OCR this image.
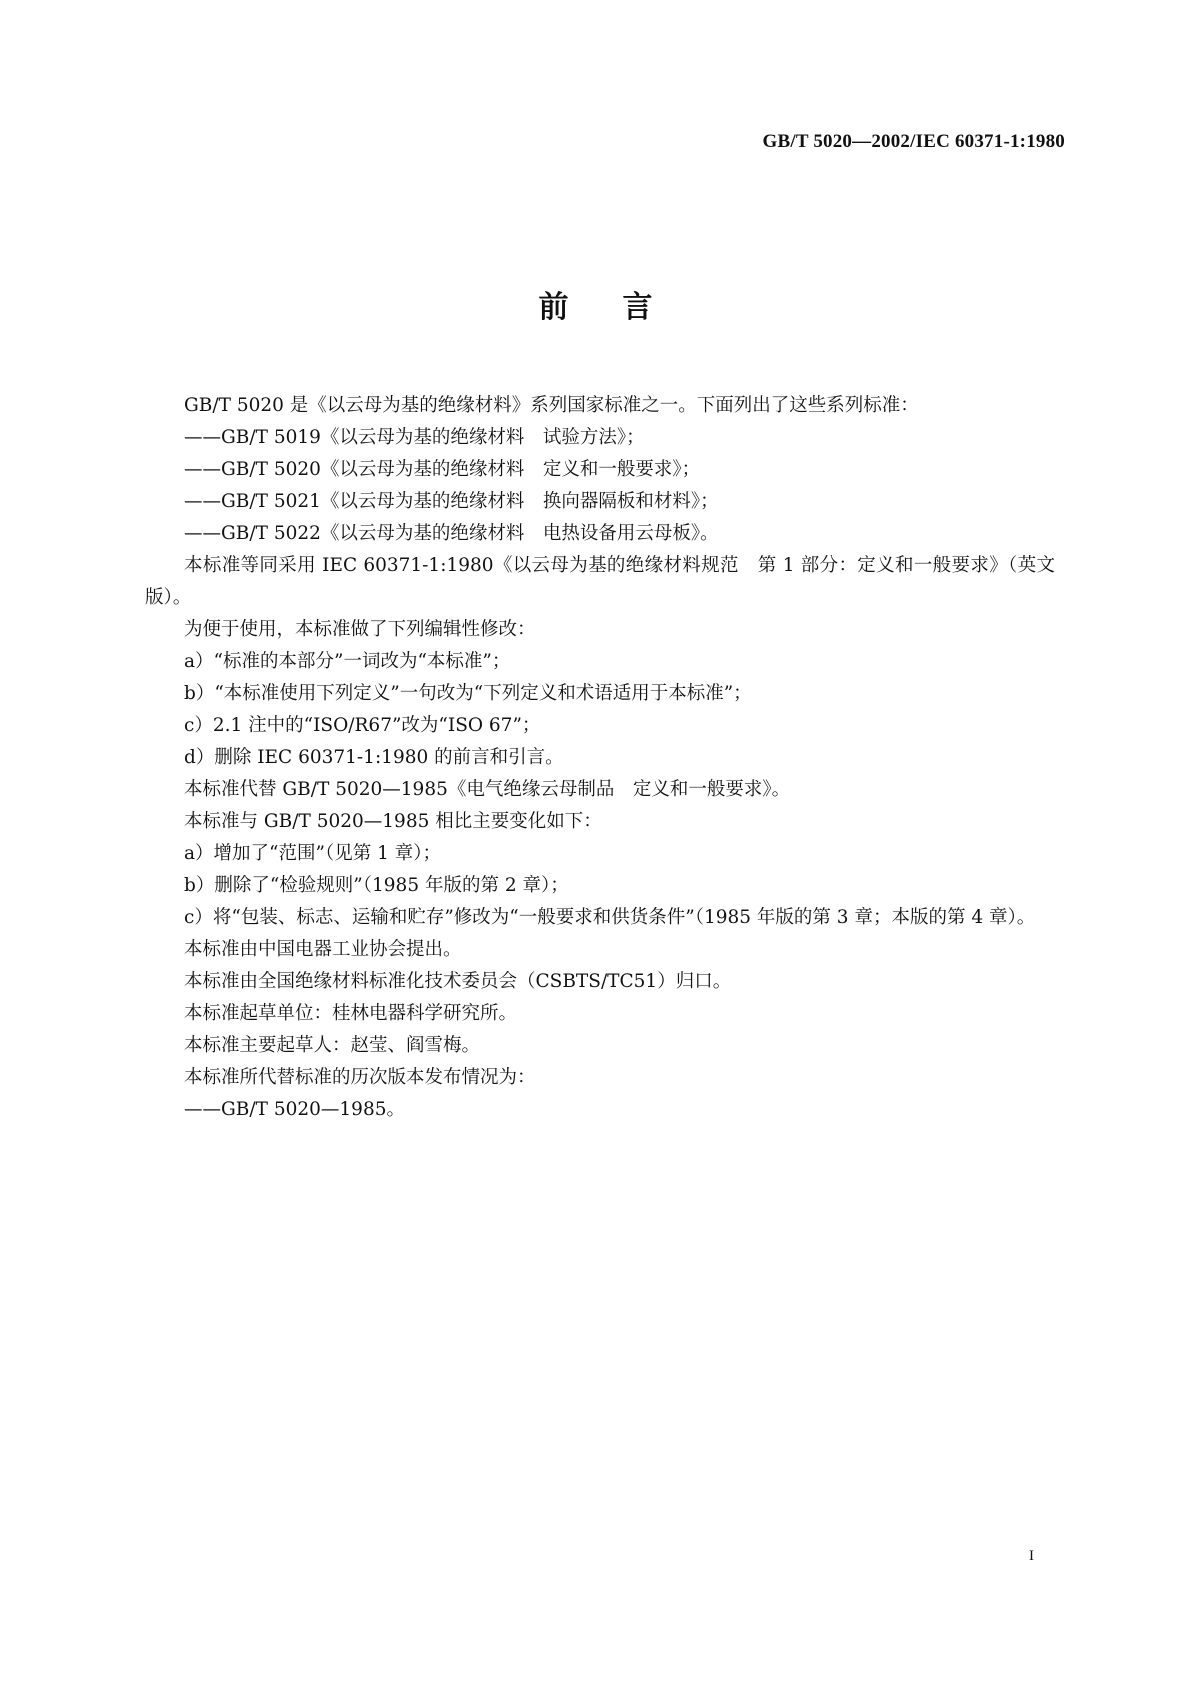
GB/T 5020—2002/IEC 60371-1:1980
前言

GB/T 5020 是《以云母为基的绝缘材料》系列国家标准之一。下面列出了这些系列标准：

——GB/T 5019《以云母为基的绝缘材料　试验方法》；

——GB/T 5020《以云母为基的绝缘材料　定义和一般要求》；

——GB/T 5021《以云母为基的绝缘材料　换向器隔板和材料》；

——GB/T 5022《以云母为基的绝缘材料　电热设备用云母板》。

本标准等同采用 IEC 60371-1:1980《以云母为基的绝缘材料规范　第 1 部分：定义和一般要求》（英文版）。

为便于使用，本标准做了下列编辑性修改：

a）“标准的本部分”一词改为“本标准”；

b）“本标准使用下列定义”一句改为“下列定义和术语适用于本标准”；

c）2.1 注中的“ISO/R67”改为“ISO 67”；

d）删除 IEC 60371-1:1980 的前言和引言。

本标准代替 GB/T 5020—1985《电气绝缘云母制品　定义和一般要求》。

本标准与 GB/T 5020—1985 相比主要变化如下：

a）增加了“范围”（见第 1 章）；

b）删除了“检验规则”（1985 年版的第 2 章）；

c）将“包装、标志、运输和贮存”修改为“一般要求和供货条件”（1985 年版的第 3 章；本版的第 4 章）。

本标准由中国电器工业协会提出。

本标准由全国绝缘材料标准化技术委员会（CSBTS/TC51）归口。

本标准起草单位：桂林电器科学研究所。

本标准主要起草人：赵莹、阎雪梅。

本标准所代替标准的历次版本发布情况为：

——GB/T 5020—1985。

I
